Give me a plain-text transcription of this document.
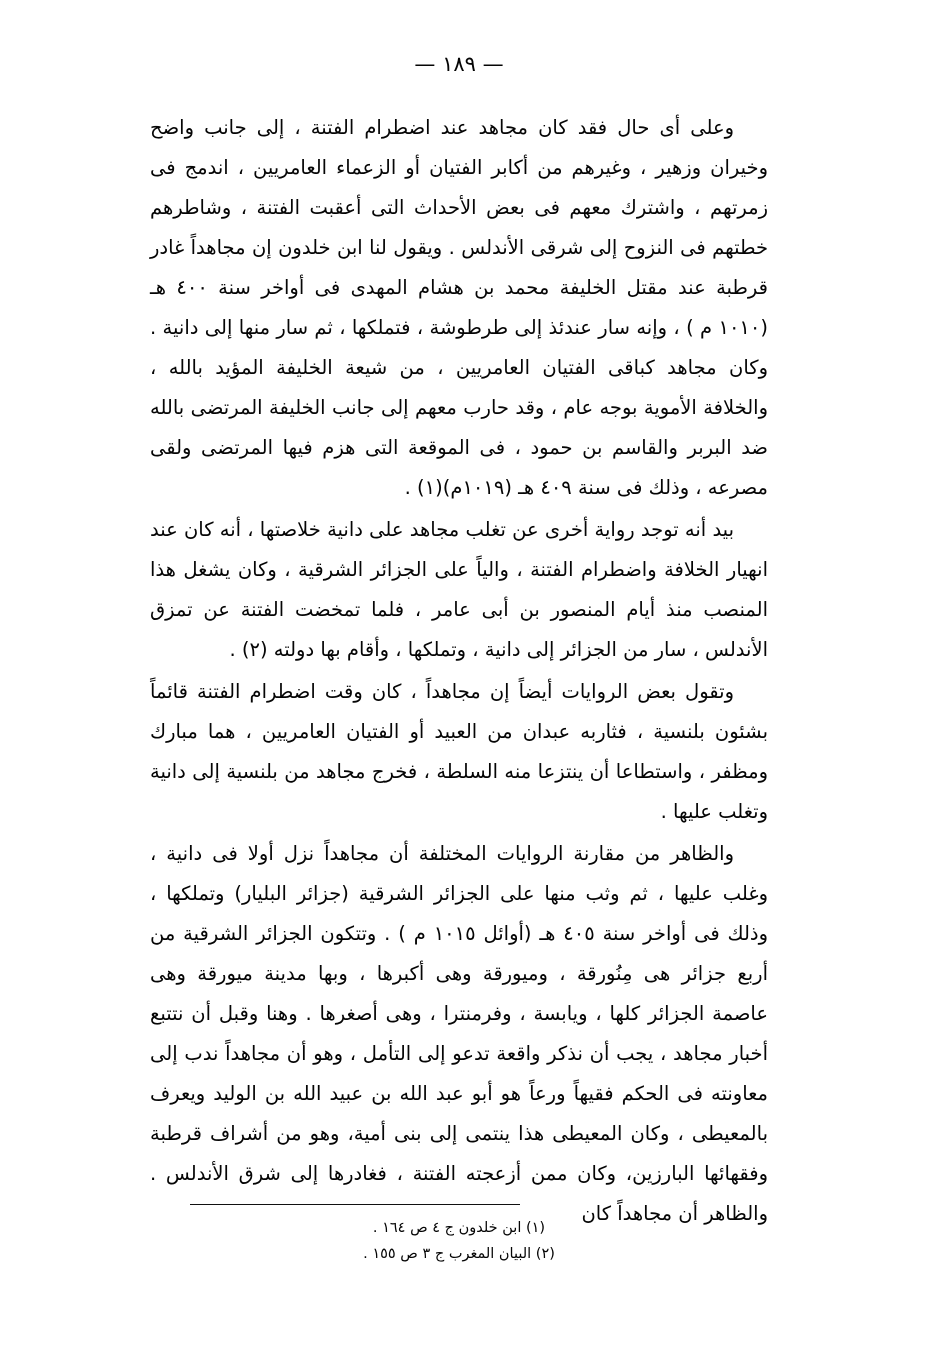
— ١٨٩ —

وعلى أى حال فقد كان مجاهد عند اضطرام الفتنة ، إلى جانب واضح وخيران وزهير ، وغيرهم من أكابر الفتيان أو الزعماء العامريين ، اندمج فى زمرتهم ، واشترك معهم فى بعض الأحداث التى أعقبت الفتنة ، وشاطرهم خطتهم فى النزوح إلى شرقى الأندلس . ويقول لنا ابن خلدون إن مجاهداً غادر قرطبة عند مقتل الخليفة محمد بن هشام المهدى فى أواخر سنة ٤٠٠ هـ (١٠١٠ م ) ، وإنه سار عندئذ إلى طرطوشة ، فتملكها ، ثم سار منها إلى دانية . وكان مجاهد كباقى الفتيان العامريين ، من شيعة الخليفة المؤيد بالله ، والخلافة الأموية بوجه عام ، وقد حارب معهم إلى جانب الخليفة المرتضى بالله ضد البربر والقاسم بن حمود ، فى الموقعة التى هزم فيها المرتضى ولقى مصرعه ، وذلك فى سنة ٤٠٩ هـ (١٠١٩م)(١) .

بيد أنه توجد رواية أخرى عن تغلب مجاهد على دانية خلاصتها ، أنه كان عند انهيار الخلافة واضطرام الفتنة ، والياً على الجزائر الشرقية ، وكان يشغل هذا المنصب منذ أيام المنصور بن أبى عامر ، فلما تمخضت الفتنة عن تمزق الأندلس ، سار من الجزائر إلى دانية ، وتملكها ، وأقام بها دولته (٢) .

وتقول بعض الروايات أيضاً إن مجاهداً ، كان وقت اضطرام الفتنة قائماً بشئون بلنسية ، فثاربه عبدان من العبيد أو الفتيان العامريين ، هما مبارك ومظفر ، واستطاعا أن ينتزعا منه السلطة ، فخرج مجاهد من بلنسية إلى دانية وتغلب عليها .

والظاهر من مقارنة الروايات المختلفة أن مجاهداً نزل أولا فى دانية ، وغلب عليها ، ثم وثب منها على الجزائر الشرقية (جزائر البليار) وتملكها ، وذلك فى أواخر سنة ٤٠٥ هـ (أوائل ١٠١٥ م ) . وتتكون الجزائر الشرقية من أربع جزائر هى مِنُورقة ، وميورقة وهى أكبرها ، وبها مدينة ميورقة وهى عاصمة الجزائر كلها ، ويابسة ، وفرمنترا ، وهى أصغرها . وهنا وقبل أن نتتبع أخبار مجاهد ، يجب أن نذكر واقعة تدعو إلى التأمل ، وهو أن مجاهداً ندب إلى معاونته فى الحكم فقيهاً ورعاً هو أبو عبد الله بن عبيد الله بن الوليد ويعرف بالمعيطى ، وكان المعيطى هذا ينتمى إلى بنى أمية، وهو من أشراف قرطبة وفقهائها البارزين، وكان ممن أزعجته الفتنة ، فغادرها إلى شرق الأندلس . والظاهر أن مجاهداً كان

(١) ابن خلدون ج ٤ ص ١٦٤ .
(٢) البيان المغرب ج ٣ ص ١٥٥ .
